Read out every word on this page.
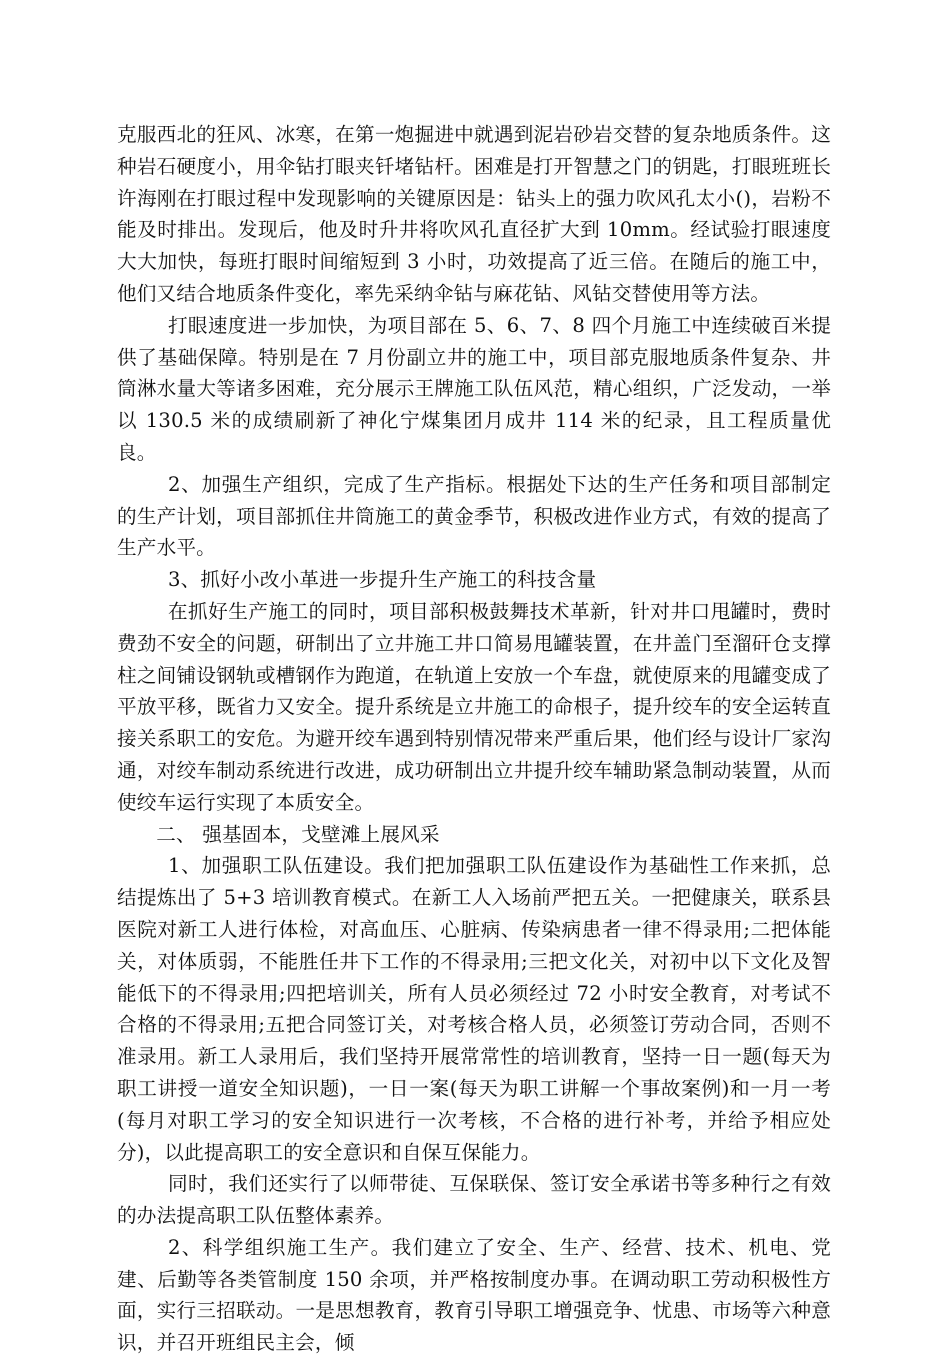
克服西北的狂风、冰寒，在第一炮掘进中就遇到泥岩砂岩交替的复杂地质条件。这种岩石硬度小，用伞钻打眼夹钎堵钻杆。困难是打开智慧之门的钥匙，打眼班班长许海刚在打眼过程中发现影响的关键原因是：钻头上的强力吹风孔太小()，岩粉不能及时排出。发现后，他及时升井将吹风孔直径扩大到 10mm。经试验打眼速度大大加快，每班打眼时间缩短到 3 小时，功效提高了近三倍。在随后的施工中，他们又结合地质条件变化，率先采纳伞钻与麻花钻、风钻交替使用等方法。

打眼速度进一步加快，为项目部在 5、6、7、8 四个月施工中连续破百米提供了基础保障。特别是在 7 月份副立井的施工中，项目部克服地质条件复杂、井筒淋水量大等诸多困难，充分展示王牌施工队伍风范，精心组织，广泛发动，一举以 130.5 米的成绩刷新了神化宁煤集团月成井 114 米的纪录，且工程质量优良。

2、加强生产组织，完成了生产指标。根据处下达的生产任务和项目部制定的生产计划，项目部抓住井筒施工的黄金季节，积极改进作业方式，有效的提高了生产水平。

3、抓好小改小革进一步提升生产施工的科技含量

在抓好生产施工的同时，项目部积极鼓舞技术革新，针对井口甩罐时，费时费劲不安全的问题，研制出了立井施工井口简易甩罐装置，在井盖门至溜矸仓支撑柱之间铺设钢轨或槽钢作为跑道，在轨道上安放一个车盘，就使原来的甩罐变成了平放平移，既省力又安全。提升系统是立井施工的命根子，提升绞车的安全运转直接关系职工的安危。为避开绞车遇到特别情况带来严重后果，他们经与设计厂家沟通，对绞车制动系统进行改进，成功研制出立井提升绞车辅助紧急制动装置，从而使绞车运行实现了本质安全。

二、 强基固本，戈壁滩上展风采

1、加强职工队伍建设。我们把加强职工队伍建设作为基础性工作来抓，总结提炼出了 5+3 培训教育模式。在新工人入场前严把五关。一把健康关，联系县医院对新工人进行体检，对高血压、心脏病、传染病患者一律不得录用;二把体能关，对体质弱，不能胜任井下工作的不得录用;三把文化关，对初中以下文化及智能低下的不得录用;四把培训关，所有人员必须经过 72 小时安全教育，对考试不合格的不得录用;五把合同签订关，对考核合格人员，必须签订劳动合同，否则不准录用。新工人录用后，我们坚持开展常常性的培训教育，坚持一日一题(每天为职工讲授一道安全知识题)，一日一案(每天为职工讲解一个事故案例)和一月一考(每月对职工学习的安全知识进行一次考核，不合格的进行补考，并给予相应处分)，以此提高职工的安全意识和自保互保能力。

同时，我们还实行了以师带徒、互保联保、签订安全承诺书等多种行之有效的办法提高职工队伍整体素养。

2、科学组织施工生产。我们建立了安全、生产、经营、技术、机电、党建、后勤等各类管制度 150 余项，并严格按制度办事。在调动职工劳动积极性方面，实行三招联动。一是思想教育，教育引导职工增强竞争、忧患、市场等六种意识，并召开班组民主会，倾
